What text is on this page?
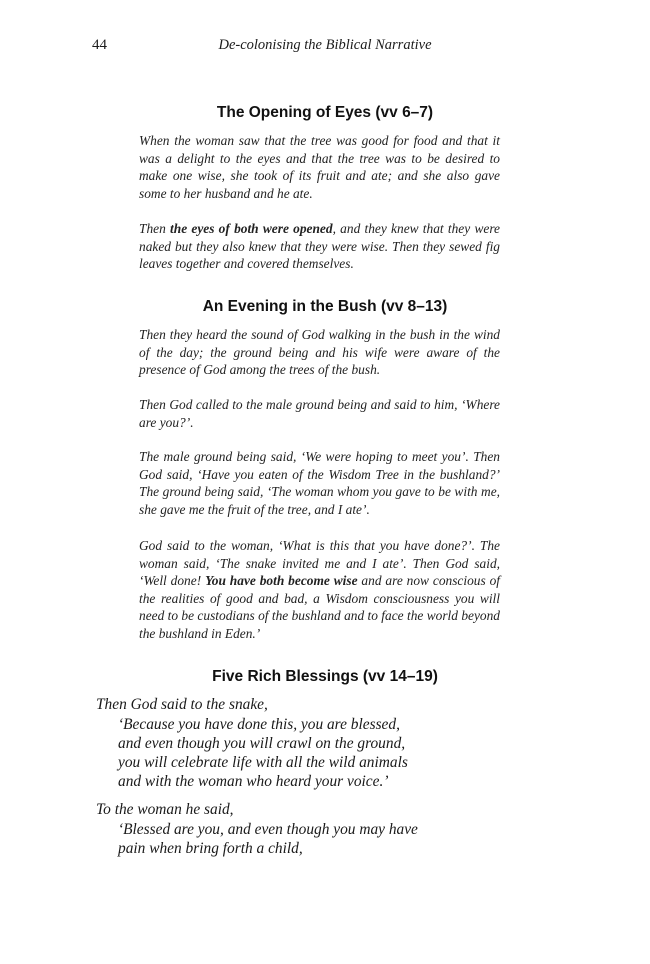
44	De-colonising the Biblical Narrative
The Opening of Eyes (vv 6–7)

When the woman saw that the tree was good for food and that it was a delight to the eyes and that the tree was to be desired to make one wise, she took of its fruit and ate; and she also gave some to her husband and he ate.

Then the eyes of both were opened, and they knew that they were naked but they also knew that they were wise. Then they sewed fig leaves together and covered themselves.

An Evening in the Bush (vv 8–13)

Then they heard the sound of God walking in the bush in the wind of the day; the ground being and his wife were aware of the presence of God among the trees of the bush.

Then God called to the male ground being and said to him, ‘Where are you?’.

The male ground being said, ‘We were hoping to meet you’. Then God said, ‘Have you eaten of the Wisdom Tree in the bushland?’ The ground being said, ‘The woman whom you gave to be with me, she gave me the fruit of the tree, and I ate’.

God said to the woman, ‘What is this that you have done?’. The woman said, ‘The snake invited me and I ate’. Then God said, ‘Well done! You have both become wise and are now conscious of the realities of good and bad, a Wisdom consciousness you will need to be custodians of the bushland and to face the world beyond the bushland in Eden.’

Five Rich Blessings (vv 14–19)
Then God said to the snake,
‘Because you have done this, you are blessed,
and even though you will crawl on the ground,
you will celebrate life with all the wild animals
and with the woman who heard your voice.’
To the woman he said,
‘Blessed are you, and even though you may have
pain when bring forth a child,
